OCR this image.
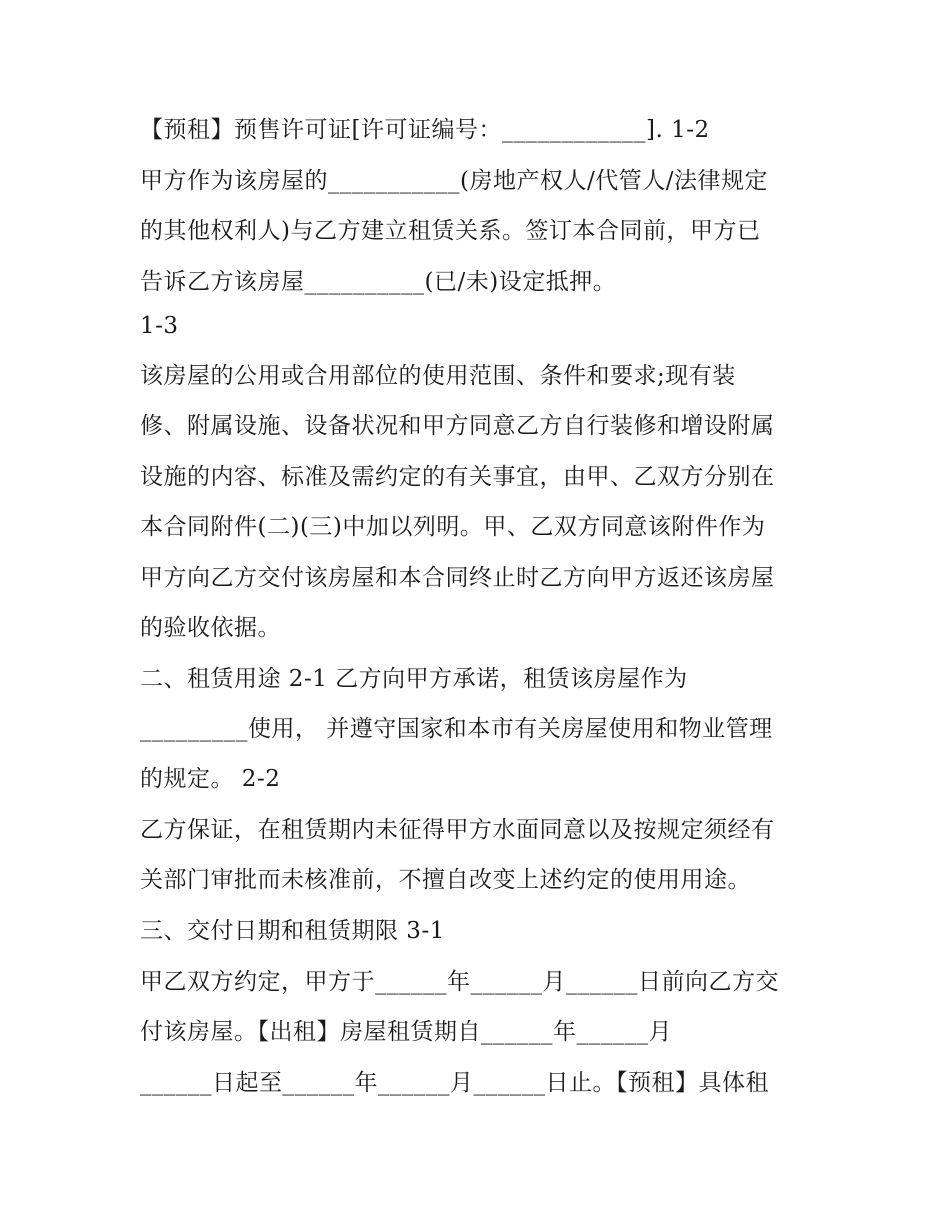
【预租】预售许可证[许可证编号：____________]. 1-2
甲方作为该房屋的___________(房地产权人/代管人/法律规定
的其他权利人)与乙方建立租赁关系。签订本合同前，甲方已
告诉乙方该房屋__________(已/未)设定抵押。
1-3
该房屋的公用或合用部位的使用范围、条件和要求;现有装
修、附属设施、设备状况和甲方同意乙方自行装修和增设附属
设施的内容、标准及需约定的有关事宜，由甲、乙双方分别在
本合同附件(二)(三)中加以列明。甲、乙双方同意该附件作为
甲方向乙方交付该房屋和本合同终止时乙方向甲方返还该房屋
的验收依据。
二、租赁用途 2-1 乙方向甲方承诺，租赁该房屋作为
_________使用， 并遵守国家和本市有关房屋使用和物业管理
的规定。 2-2
乙方保证，在租赁期内未征得甲方水面同意以及按规定须经有
关部门审批而未核准前，不擅自改变上述约定的使用用途。
三、交付日期和租赁期限 3-1
甲乙双方约定，甲方于______年______月______日前向乙方交
付该房屋。【出租】房屋租赁期自______年______月
______日起至______年______月______日止。【预租】具体租
